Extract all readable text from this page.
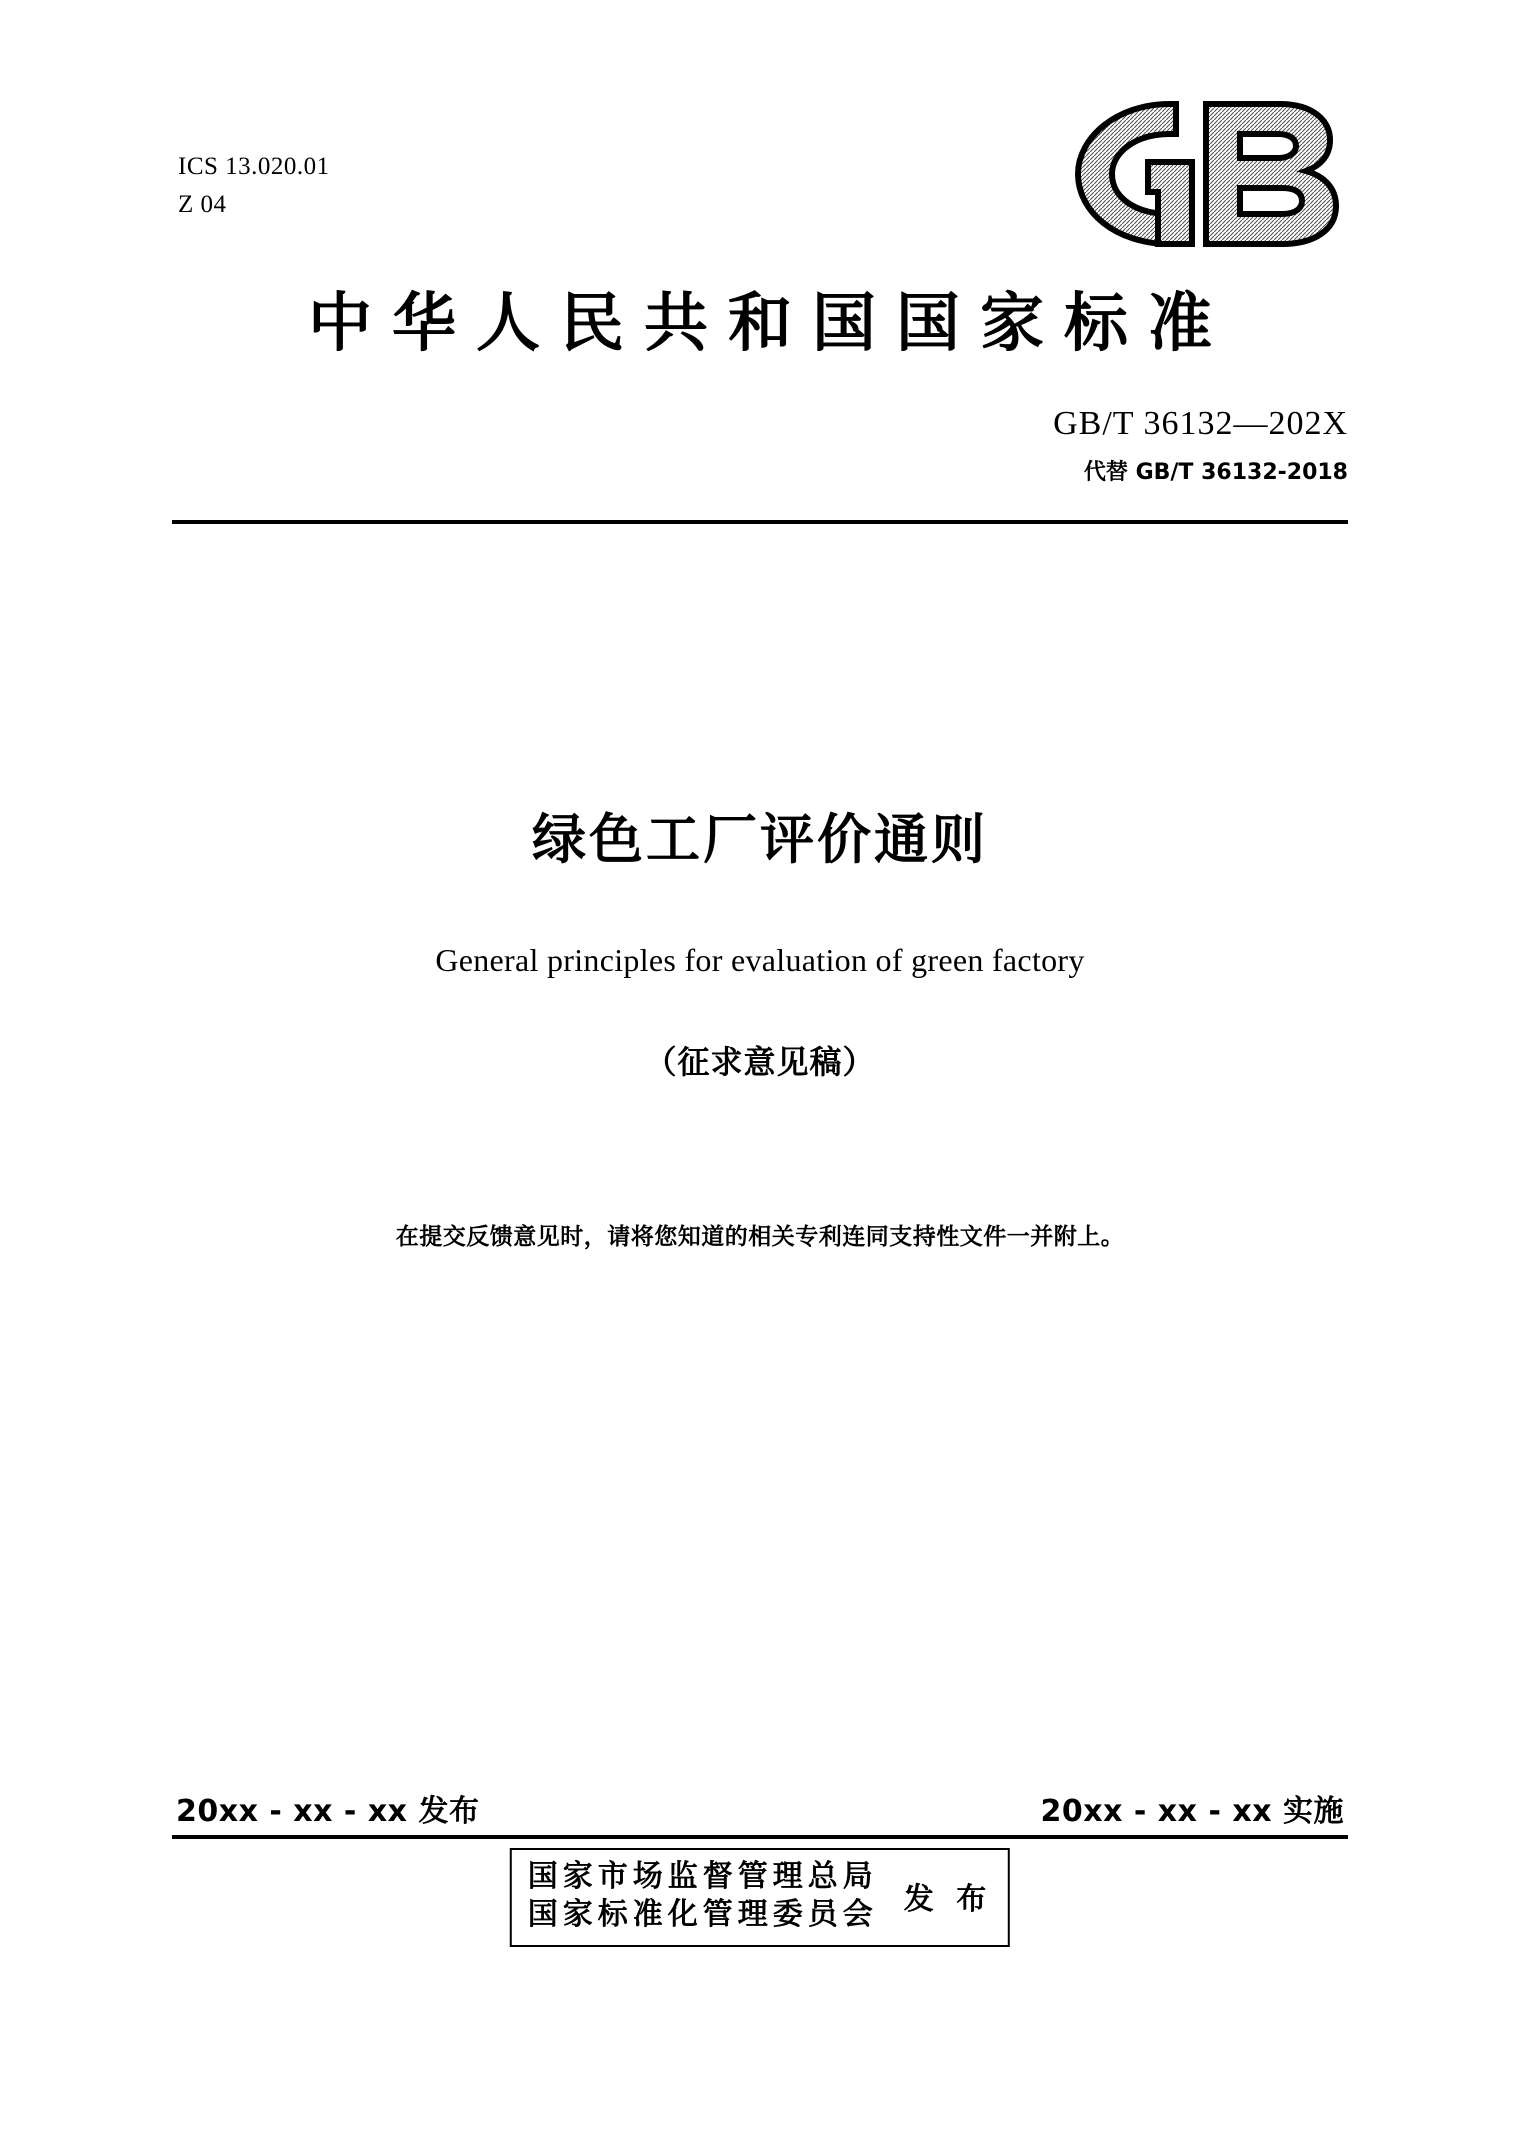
ICS 13.020.01
Z 04
中华人民共和国国家标准
GB/T 36132—202X
代替 GB/T 36132-2018
绿色工厂评价通则
General principles for evaluation of green factory
（征求意见稿）
在提交反馈意见时，请将您知道的相关专利连同支持性文件一并附上。
20xx - xx - xx 发布	20xx - xx - xx 实施
国家市场监督管理总局
国家标准化管理委员会 发 布
